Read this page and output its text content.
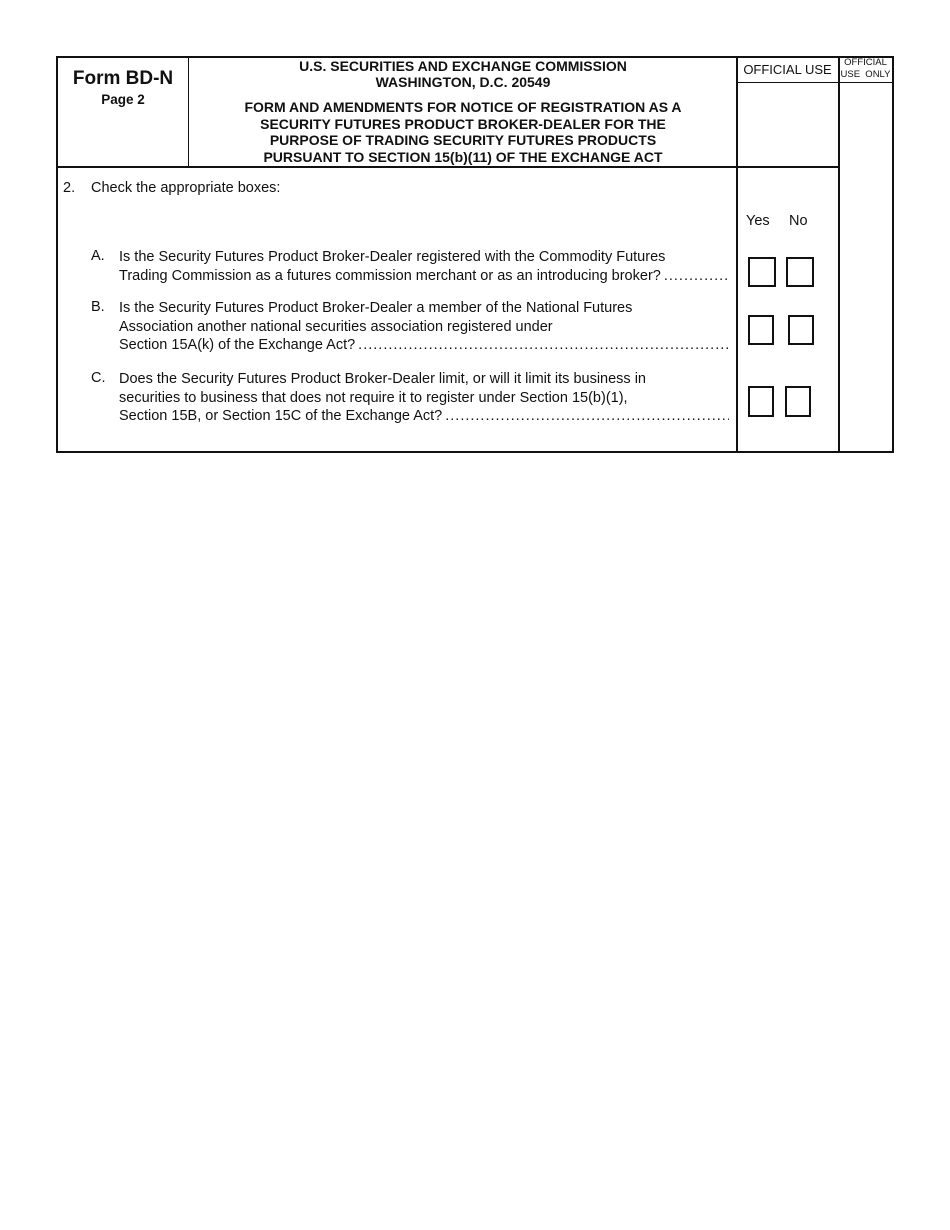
Form BD-N
Page 2
U.S. SECURITIES AND EXCHANGE COMMISSION
WASHINGTON, D.C. 20549
FORM AND AMENDMENTS FOR NOTICE OF REGISTRATION AS A
SECURITY FUTURES PRODUCT BROKER-DEALER FOR THE
PURPOSE OF TRADING SECURITY FUTURES PRODUCTS
PURSUANT TO SECTION 15(b)(11) OF THE EXCHANGE ACT
OFFICIAL USE	OFFICIAL
USE  ONLY
2. Check the appropriate boxes:
Yes No
A. Is the Security Futures Product Broker-Dealer registered with the Commodity Futures
Trading Commission as a futures commission merchant or as an introducing broker?
.....
B. Is the Security Futures Product Broker-Dealer a member of the National Futures
Association another national securities association registered under
Section 15A(k) of the Exchange Act?
.....
C. Does the Security Futures Product Broker-Dealer limit, or will it limit its business in
securities to business that does not require it to register under Section 15(b)(1),
Section 15B, or Section 15C of the Exchange Act?
.....
